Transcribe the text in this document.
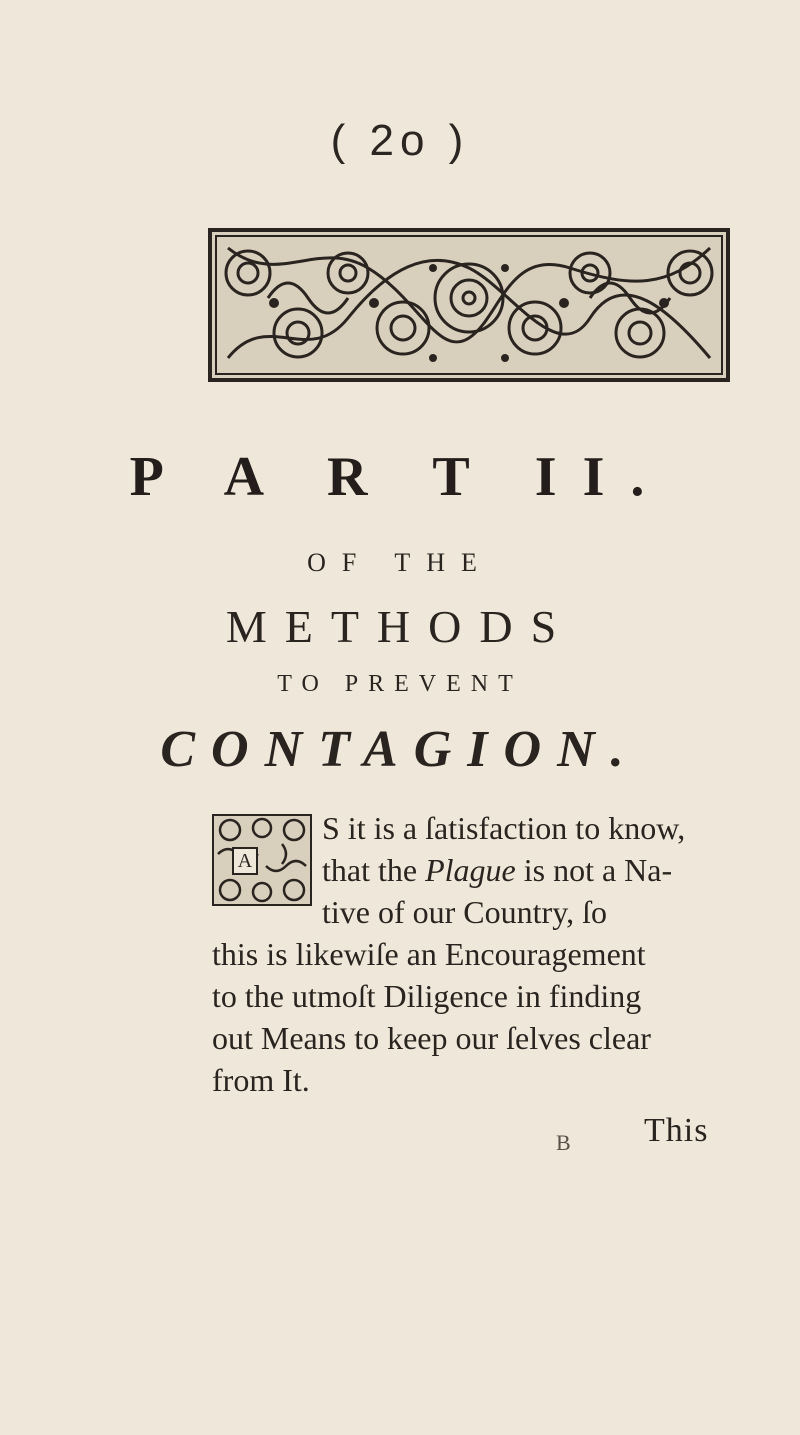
( 2o )
P A R T II.
OF THE
METHODS
TO PREVENT
CONTAGION.
A
S it is a ſatisfaction to know,
that the Plague is not a Na-
tive of our Country, ſo
this is likewiſe an Encouragement
to the utmoſt Diligence in finding
out Means to keep our ſelves clear
from It.
B This
